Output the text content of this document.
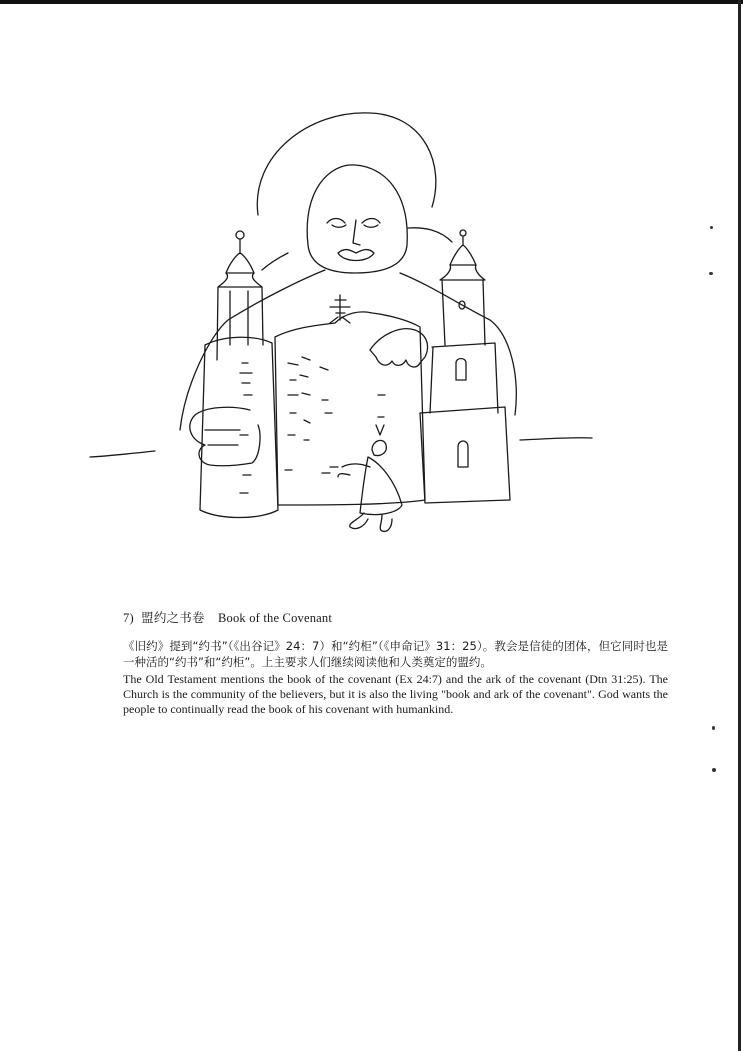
7) 盟约之书卷 Book of the Covenant

《旧约》提到“约书”（《出谷记》24：7）和“约柜”（《申命记》31：25）。教会是信徒的团体，但它同时也是一种活的“约书”和“约柜”。上主要求人们继续阅读他和人类奠定的盟约。

The Old Testament mentions the book of the covenant (Ex 24:7) and the ark of the covenant (Dtn 31:25). The Church is the community of the believers, but it is also the living "book and ark of the covenant". God wants the people to continually read the book of his covenant with humankind.
